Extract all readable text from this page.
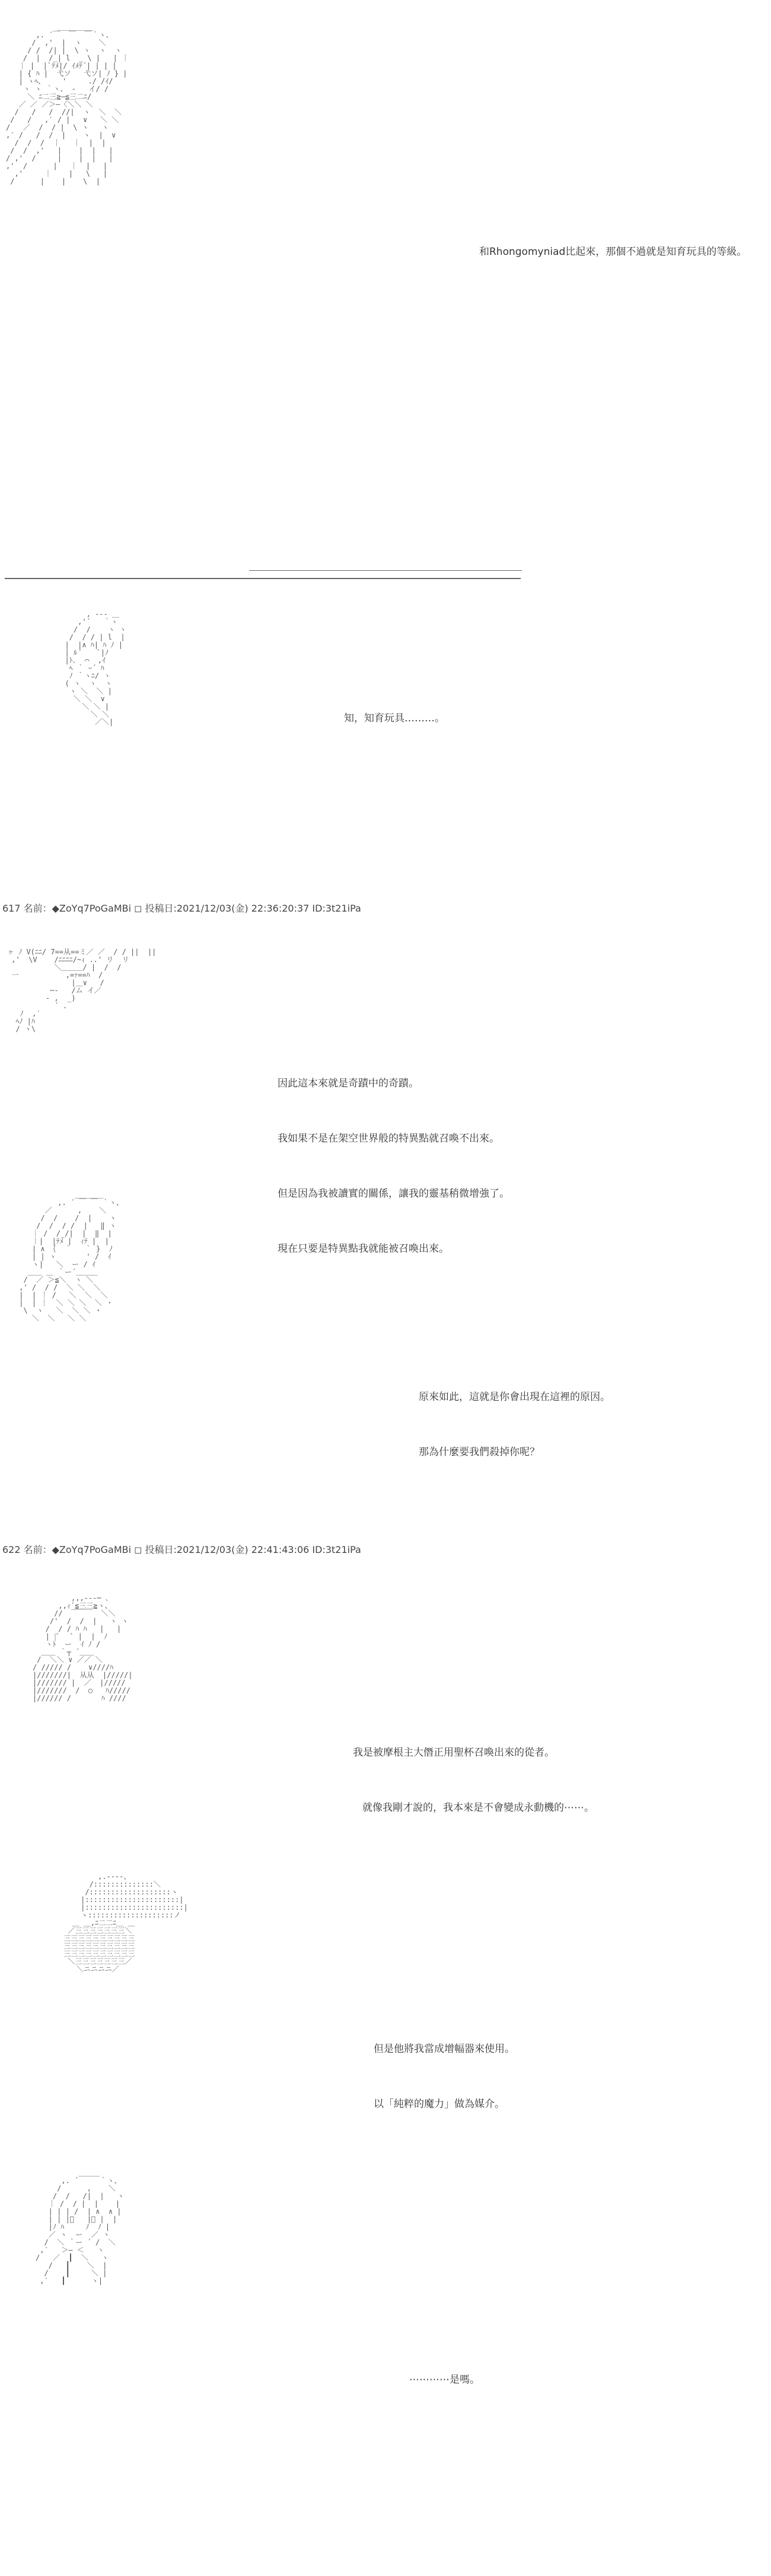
＿＿＿＿＿
,. ´￣  ￣  ￣｀ヽ、
/  ,'  |  ヽ    ＼
/ /  /| |  \ ヽ  ヽ  ヽ
/  |  /_| l  _ \ |   | ｜
｜ |  |`ﾃﾒ|/ ｲﾒﾃ´| | | |
| { ﾊ |  弋ソ   弋ソ| ﾉ } |
| ヽﾍ、    '     ./ /ｲ/
ヽ ヽ ｀ヽ、 ‐   イ/ /
＼ ﾆ二三≧―≦三二ﾆ/
／ ／ ／＞―〈＼＼ ＼
/   /   /  //|  ヽ  ＼  ＼
/   /   ,′ / |   ∨   ＼ ＼
/   ／  /  / |  \ ヽ   ヽ
,′ /   /  /  |    ヽ  |  ∨
/  /  /  ｜   ｜  |  |
/  /  ,'   |    |  |   |
/ ,'  /     |    |  |   |
,'  /      |   ｜  |   |
,'     ｜    |   \   |
/      |    |    \  |
和Rhongomyniad比起來，那個不過就是知育玩具的等級。
, -‐‐ ＿
,'´   ｀ヽ
/  /    ヽ ヽ
/  / / | l  |
|  |∧ ﾊ| ﾊ ﾉ |
| ﾙ ﾟ    ﾟ|ﾉ
|ﾄ､  ⌒  ,ｲ
ﾍ ｀ ｰ´ ﾊ
ﾉ ｀ヽﾆ/ ヽ
( ヽ  ヽ  ヽ
ヽ ＼  ＼ |
＼ ＼  ∨
＼ ＼ |
＼ ＼
／＼|	知，知育玩具………。
617 名前：◆ZoYq7PoGaMBi ◻ 投稿日:2021/12/03(金) 22:36:20:37 ID:3t21iPa
ヶ ﾉ V(ﾆﾆ/ 7==从==ミ／ ／  / / ||  ||
,'  \V    /ﾆﾆﾆﾆ/~ｨ ..' リ  リ
＼＿＿＿/ |  /  /
一           ,=ｧ==ﾊ  /
|＿∨   /
─‐   /ム イ／
- ,  _)
´ .
ﾉ  ,′
ﾍﾉ |ﾊ
/ ヽ\

因此這本來就是奇蹟中的奇蹟。

我如果不是在架空世界般的特異點就召喚不出來。

但是因為我被讀實的關係，讓我的靈基稍微增強了。

現在只要是特異點我就能被召喚出來。

＿＿＿＿
,. ´ ￣ ￣ ｀ヽ、
／      ,    ＼
/  /    /  |    ヽ
/  /  / /  |   ‖ ヽ
｜ /  /_/|  |  ‖  |
｜|  |ﾃﾒ |  ｨﾃ |  |
| ∧ ｛  ｀   ｀ }  ﾉ
| | ヽ       ' /  ｲ
ヽ|   ＼  ー / ｲ
＿＿ ＿ ｀ー´＿＿＿
/  ／ ＞≦＼  ヽ ＼
,' /  / /  ＼ ＼  ＼
|  | ｜ /   ＼  ＼  ＼
|  | ｜  ＼ ＼ ＼  ＼ ・
\  ヽ   ＼  ＼ ＼ ・
＼  ＼   ＼ ＼

原來如此，這就是你會出現在這裡的原因。

那為什麼要我們殺掉你呢？

622 名前：◆ZoYq7PoGaMBi ◻ 投稿日:2021/12/03(金) 22:41:43:06 ID:3t21iPa
,,,--‐─ ､
,,ｨ´≦三三≧ヽ、
//  ￣￣￣  ＼＼
/'  /  /  |   ヽ ヽ
/  / / ﾊ ﾊ   |   |
| |ﾟ   ﾟ |  |  ﾉ
ヽﾄ  ー  ｲ ﾉ /
＿＿ ｀┬ ´＿＿
/  ＼＼ ∨ ／／ ＼
/ ///// /    ∨////ﾊ
|///////|  从从  |/////|
|/////// |  ／  |/////
|///////  /  ○   ﾊ/////
|////// /       ﾊ ////

我是被摩根主大僭正用聖杯召喚出來的從者。

就像我剛才說的，我本來是不會變成永動機的⋯⋯。

,.-‐‐-、
/::::::::::::::＼
/:::::::::::::::::::ヽ
|::::::::::::::::::::::|
|:::::::::::::::::::::::|
ヽ::::::::::::::::::::ノ
＿ ＿,ﾆ二二ﾆ＿ ＿
／三三三三三三三＼
三三三三三三三三三三
三三三三三三三三三三
三三三三三三三三三三
＼三三三三三三三／
＼ニニニニ／

但是他將我當成增幅器來使用。

以「純粹的魔力」做為媒介。

＿＿＿
,. ´     ｀ヽ、
/      ,    ＼
/  /   /|  |   ヽ
｜ /  / |  |    |
| | | /  | ∧  ∧ |
| | |ﾟ   |ﾟ |  |
|ﾉ ﾊ     ﾉ  ﾉ |
／ ヽ  ー  ／ ヽ
/  ＼ ｀ー ´ /  ＼
,′   ＞― ＜   ヽ
/   ／  ┃  ＼   ヽ
/   ┃    ＼  |
/    ┃     ＼ |
,′   ┃      ヽ|
⋯⋯⋯⋯是嗎。
